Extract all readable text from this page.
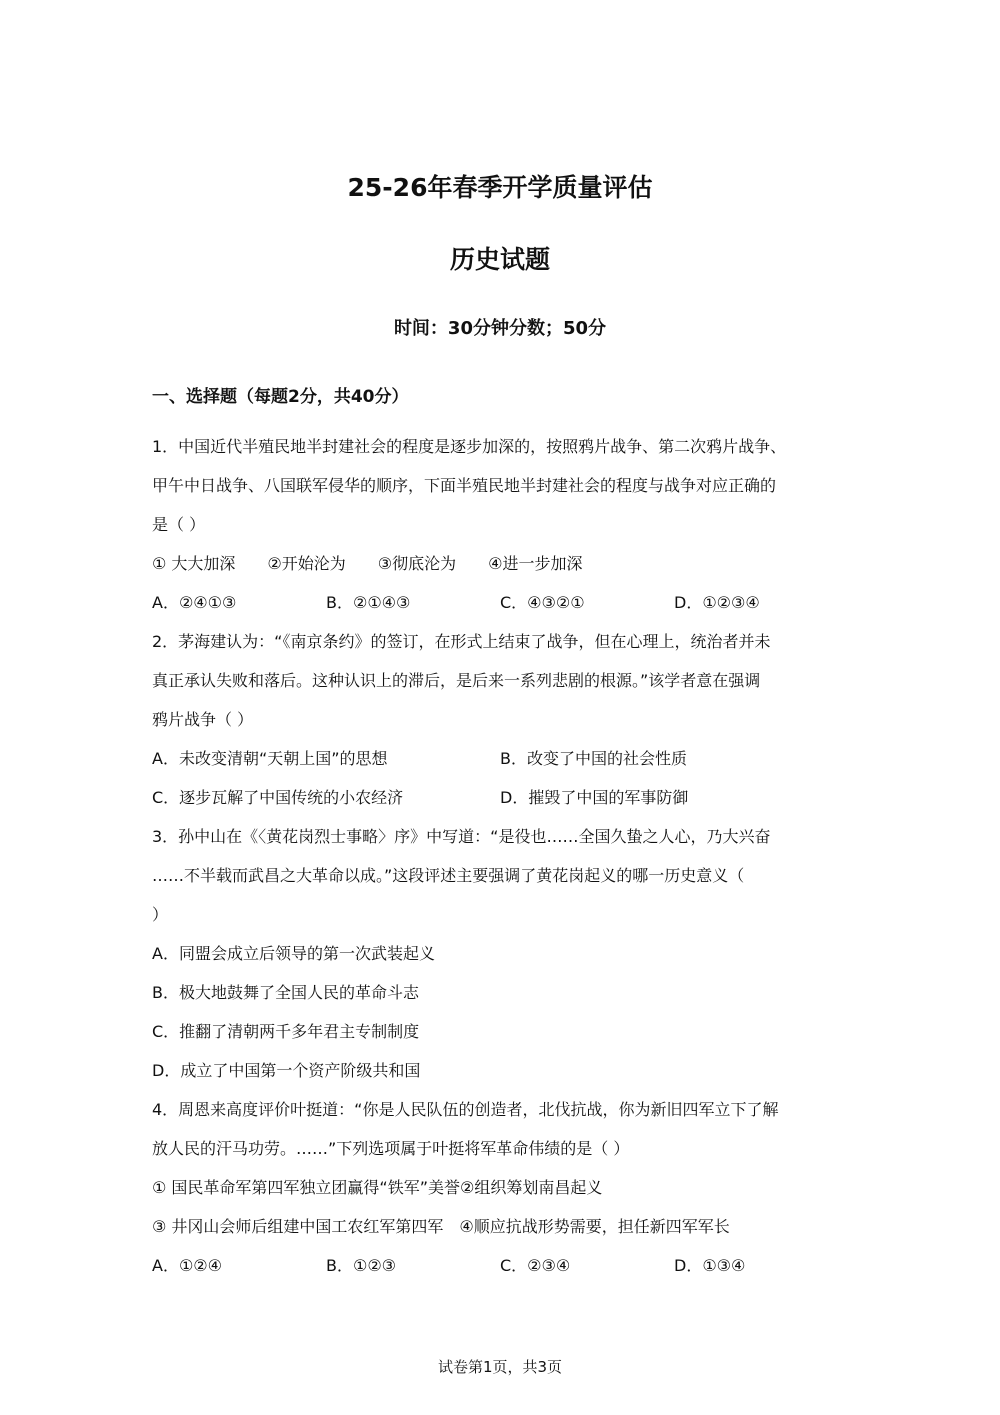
25-26年春季开学质量评估
历史试题
时间：30分钟分数；50分
一、选择题（每题2分，共40分）
1．中国近代半殖民地半封建社会的程度是逐步加深的，按照鸦片战争、第二次鸦片战争、
甲午中日战争、八国联军侵华的顺序，下面半殖民地半封建社会的程度与战争对应正确的
是（ ）
① 大大加深　　②开始沦为　　③彻底沦为　　④进一步加深
A．②④①③	B．②①④③	C．④③②①	D．①②③④
2．茅海建认为：“《南京条约》的签订，在形式上结束了战争，但在心理上，统治者并未
真正承认失败和落后。这种认识上的滞后，是后来一系列悲剧的根源。”该学者意在强调
鸦片战争（ ）
A．未改变清朝“天朝上国”的思想	B．改变了中国的社会性质
C．逐步瓦解了中国传统的小农经济	D．摧毁了中国的军事防御
3．孙中山在《〈黄花岗烈士事略〉序》中写道：“是役也……全国久蛰之人心，乃大兴奋
……不半载而武昌之大革命以成。”这段评述主要强调了黄花岗起义的哪一历史意义（
）
A．同盟会成立后领导的第一次武装起义
B．极大地鼓舞了全国人民的革命斗志
C．推翻了清朝两千多年君主专制制度
D．成立了中国第一个资产阶级共和国
4．周恩来高度评价叶挺道：“你是人民队伍的创造者，北伐抗战，你为新旧四军立下了解
放人民的汗马功劳。……”下列选项属于叶挺将军革命伟绩的是（ ）
① 国民革命军第四军独立团赢得“铁军”美誉②组织筹划南昌起义
③ 井冈山会师后组建中国工农红军第四军　④顺应抗战形势需要，担任新四军军长
A．①②④	B．①②③	C．②③④	D．①③④
试卷第1页，共3页
